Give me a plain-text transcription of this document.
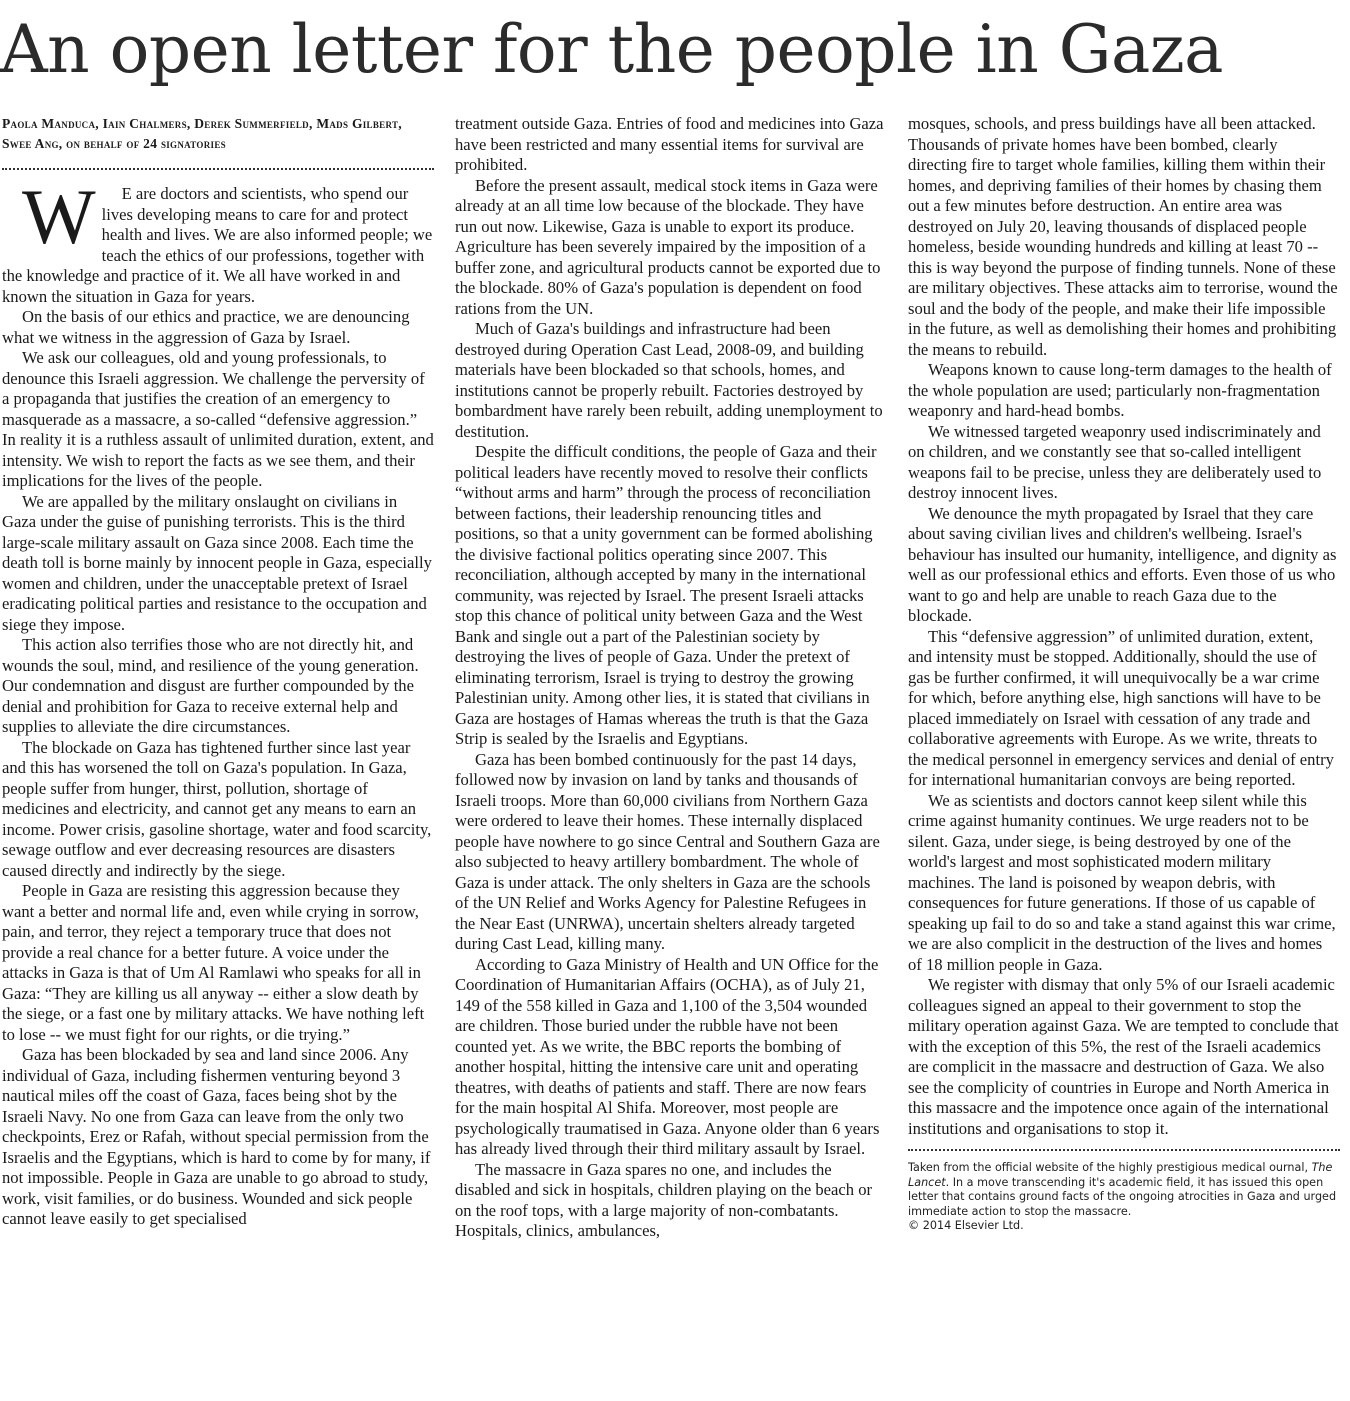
An open letter for the people in Gaza
Paola Manduca, Iain Chalmers, Derek Summerfield, Mads Gilbert, Swee Ang, on behalf of 24 signatories

W E are doctors and scientists, who spend our lives developing means to care for and protect health and lives. We are also informed people; we teach the ethics of our professions, together with the knowledge and practice of it. We all have worked in and known the situation in Gaza for years.

On the basis of our ethics and practice, we are denouncing what we witness in the aggression of Gaza by Israel.

We ask our colleagues, old and young professionals, to denounce this Israeli aggression. We challenge the perversity of a propaganda that justifies the creation of an emergency to masquerade as a massacre, a so-called “defensive aggression.” In reality it is a ruthless assault of unlimited duration, extent, and intensity. We wish to report the facts as we see them, and their implications for the lives of the people.

We are appalled by the military onslaught on civilians in Gaza under the guise of punishing terrorists. This is the third large-scale military assault on Gaza since 2008. Each time the death toll is borne mainly by innocent people in Gaza, especially women and children, under the unacceptable pretext of Israel eradicating political parties and resistance to the occupation and siege they impose.

This action also terrifies those who are not directly hit, and wounds the soul, mind, and resilience of the young generation. Our condemnation and disgust are further compounded by the denial and prohibition for Gaza to receive external help and supplies to alleviate the dire circumstances.

The blockade on Gaza has tightened further since last year and this has worsened the toll on Gaza's population. In Gaza, people suffer from hunger, thirst, pollution, shortage of medicines and electricity, and cannot get any means to earn an income. Power crisis, gasoline shortage, water and food scarcity, sewage outflow and ever decreasing resources are disasters caused directly and indirectly by the siege.

People in Gaza are resisting this aggression because they want a better and normal life and, even while crying in sorrow, pain, and terror, they reject a temporary truce that does not provide a real chance for a better future. A voice under the attacks in Gaza is that of Um Al Ramlawi who speaks for all in Gaza: “They are killing us all anyway -- either a slow death by the siege, or a fast one by military attacks. We have nothing left to lose -- we must fight for our rights, or die trying.”

Gaza has been blockaded by sea and land since 2006. Any individual of Gaza, including fishermen venturing beyond 3 nautical miles off the coast of Gaza, faces being shot by the Israeli Navy. No one from Gaza can leave from the only two checkpoints, Erez or Rafah, without special permission from the Israelis and the Egyptians, which is hard to come by for many, if not impossible. People in Gaza are unable to go abroad to study, work, visit families, or do business. Wounded and sick people cannot leave easily to get specialised

treatment outside Gaza. Entries of food and medicines into Gaza have been restricted and many essential items for survival are prohibited.

Before the present assault, medical stock items in Gaza were already at an all time low because of the blockade. They have run out now. Likewise, Gaza is unable to export its produce. Agriculture has been severely impaired by the imposition of a buffer zone, and agricultural products cannot be exported due to the blockade. 80% of Gaza's population is dependent on food rations from the UN.

Much of Gaza's buildings and infrastructure had been destroyed during Operation Cast Lead, 2008-09, and building materials have been blockaded so that schools, homes, and institutions cannot be properly rebuilt. Factories destroyed by bombardment have rarely been rebuilt, adding unemployment to destitution.

Despite the difficult conditions, the people of Gaza and their political leaders have recently moved to resolve their conflicts “without arms and harm” through the process of reconciliation between factions, their leadership renouncing titles and positions, so that a unity government can be formed abolishing the divisive factional politics operating since 2007. This reconciliation, although accepted by many in the international community, was rejected by Israel. The present Israeli attacks stop this chance of political unity between Gaza and the West Bank and single out a part of the Palestinian society by destroying the lives of people of Gaza. Under the pretext of eliminating terrorism, Israel is trying to destroy the growing Palestinian unity. Among other lies, it is stated that civilians in Gaza are hostages of Hamas whereas the truth is that the Gaza Strip is sealed by the Israelis and Egyptians.

Gaza has been bombed continuously for the past 14 days, followed now by invasion on land by tanks and thousands of Israeli troops. More than 60,000 civilians from Northern Gaza were ordered to leave their homes. These internally displaced people have nowhere to go since Central and Southern Gaza are also subjected to heavy artillery bombardment. The whole of Gaza is under attack. The only shelters in Gaza are the schools of the UN Relief and Works Agency for Palestine Refugees in the Near East (UNRWA), uncertain shelters already targeted during Cast Lead, killing many.

According to Gaza Ministry of Health and UN Office for the Coordination of Humanitarian Affairs (OCHA), as of July 21, 149 of the 558 killed in Gaza and 1,100 of the 3,504 wounded are children. Those buried under the rubble have not been counted yet. As we write, the BBC reports the bombing of another hospital, hitting the intensive care unit and operating theatres, with deaths of patients and staff. There are now fears for the main hospital Al Shifa. Moreover, most people are psychologically traumatised in Gaza. Anyone older than 6 years has already lived through their third military assault by Israel.

The massacre in Gaza spares no one, and includes the disabled and sick in hospitals, children playing on the beach or on the roof tops, with a large majority of non-combatants. Hospitals, clinics, ambulances,

mosques, schools, and press buildings have all been attacked. Thousands of private homes have been bombed, clearly directing fire to target whole families, killing them within their homes, and depriving families of their homes by chasing them out a few minutes before destruction. An entire area was destroyed on July 20, leaving thousands of displaced people homeless, beside wounding hundreds and killing at least 70 -- this is way beyond the purpose of finding tunnels. None of these are military objectives. These attacks aim to terrorise, wound the soul and the body of the people, and make their life impossible in the future, as well as demolishing their homes and prohibiting the means to rebuild.

Weapons known to cause long-term damages to the health of the whole population are used; particularly non-fragmentation weaponry and hard-head bombs.

We witnessed targeted weaponry used indiscriminately and on children, and we constantly see that so-called intelligent weapons fail to be precise, unless they are deliberately used to destroy innocent lives.

We denounce the myth propagated by Israel that they care about saving civilian lives and children's wellbeing. Israel's behaviour has insulted our humanity, intelligence, and dignity as well as our professional ethics and efforts. Even those of us who want to go and help are unable to reach Gaza due to the blockade.

This “defensive aggression” of unlimited duration, extent, and intensity must be stopped. Additionally, should the use of gas be further confirmed, it will unequivocally be a war crime for which, before anything else, high sanctions will have to be placed immediately on Israel with cessation of any trade and collaborative agreements with Europe. As we write, threats to the medical personnel in emergency services and denial of entry for international humanitarian convoys are being reported.

We as scientists and doctors cannot keep silent while this crime against humanity continues. We urge readers not to be silent. Gaza, under siege, is being destroyed by one of the world's largest and most sophisticated modern military machines. The land is poisoned by weapon debris, with consequences for future generations. If those of us capable of speaking up fail to do so and take a stand against this war crime, we are also complicit in the destruction of the lives and homes of 18 million people in Gaza.

We register with dismay that only 5% of our Israeli academic colleagues signed an appeal to their government to stop the military operation against Gaza. We are tempted to conclude that with the exception of this 5%, the rest of the Israeli academics are complicit in the massacre and destruction of Gaza. We also see the complicity of countries in Europe and North America in this massacre and the impotence once again of the international institutions and organisations to stop it.

Taken from the official website of the highly prestigious medical ournal, The Lancet. In a move transcending it's academic field, it has issued this open letter that contains ground facts of the ongoing atrocities in Gaza and urged immediate action to stop the massacre.
© 2014 Elsevier Ltd.
